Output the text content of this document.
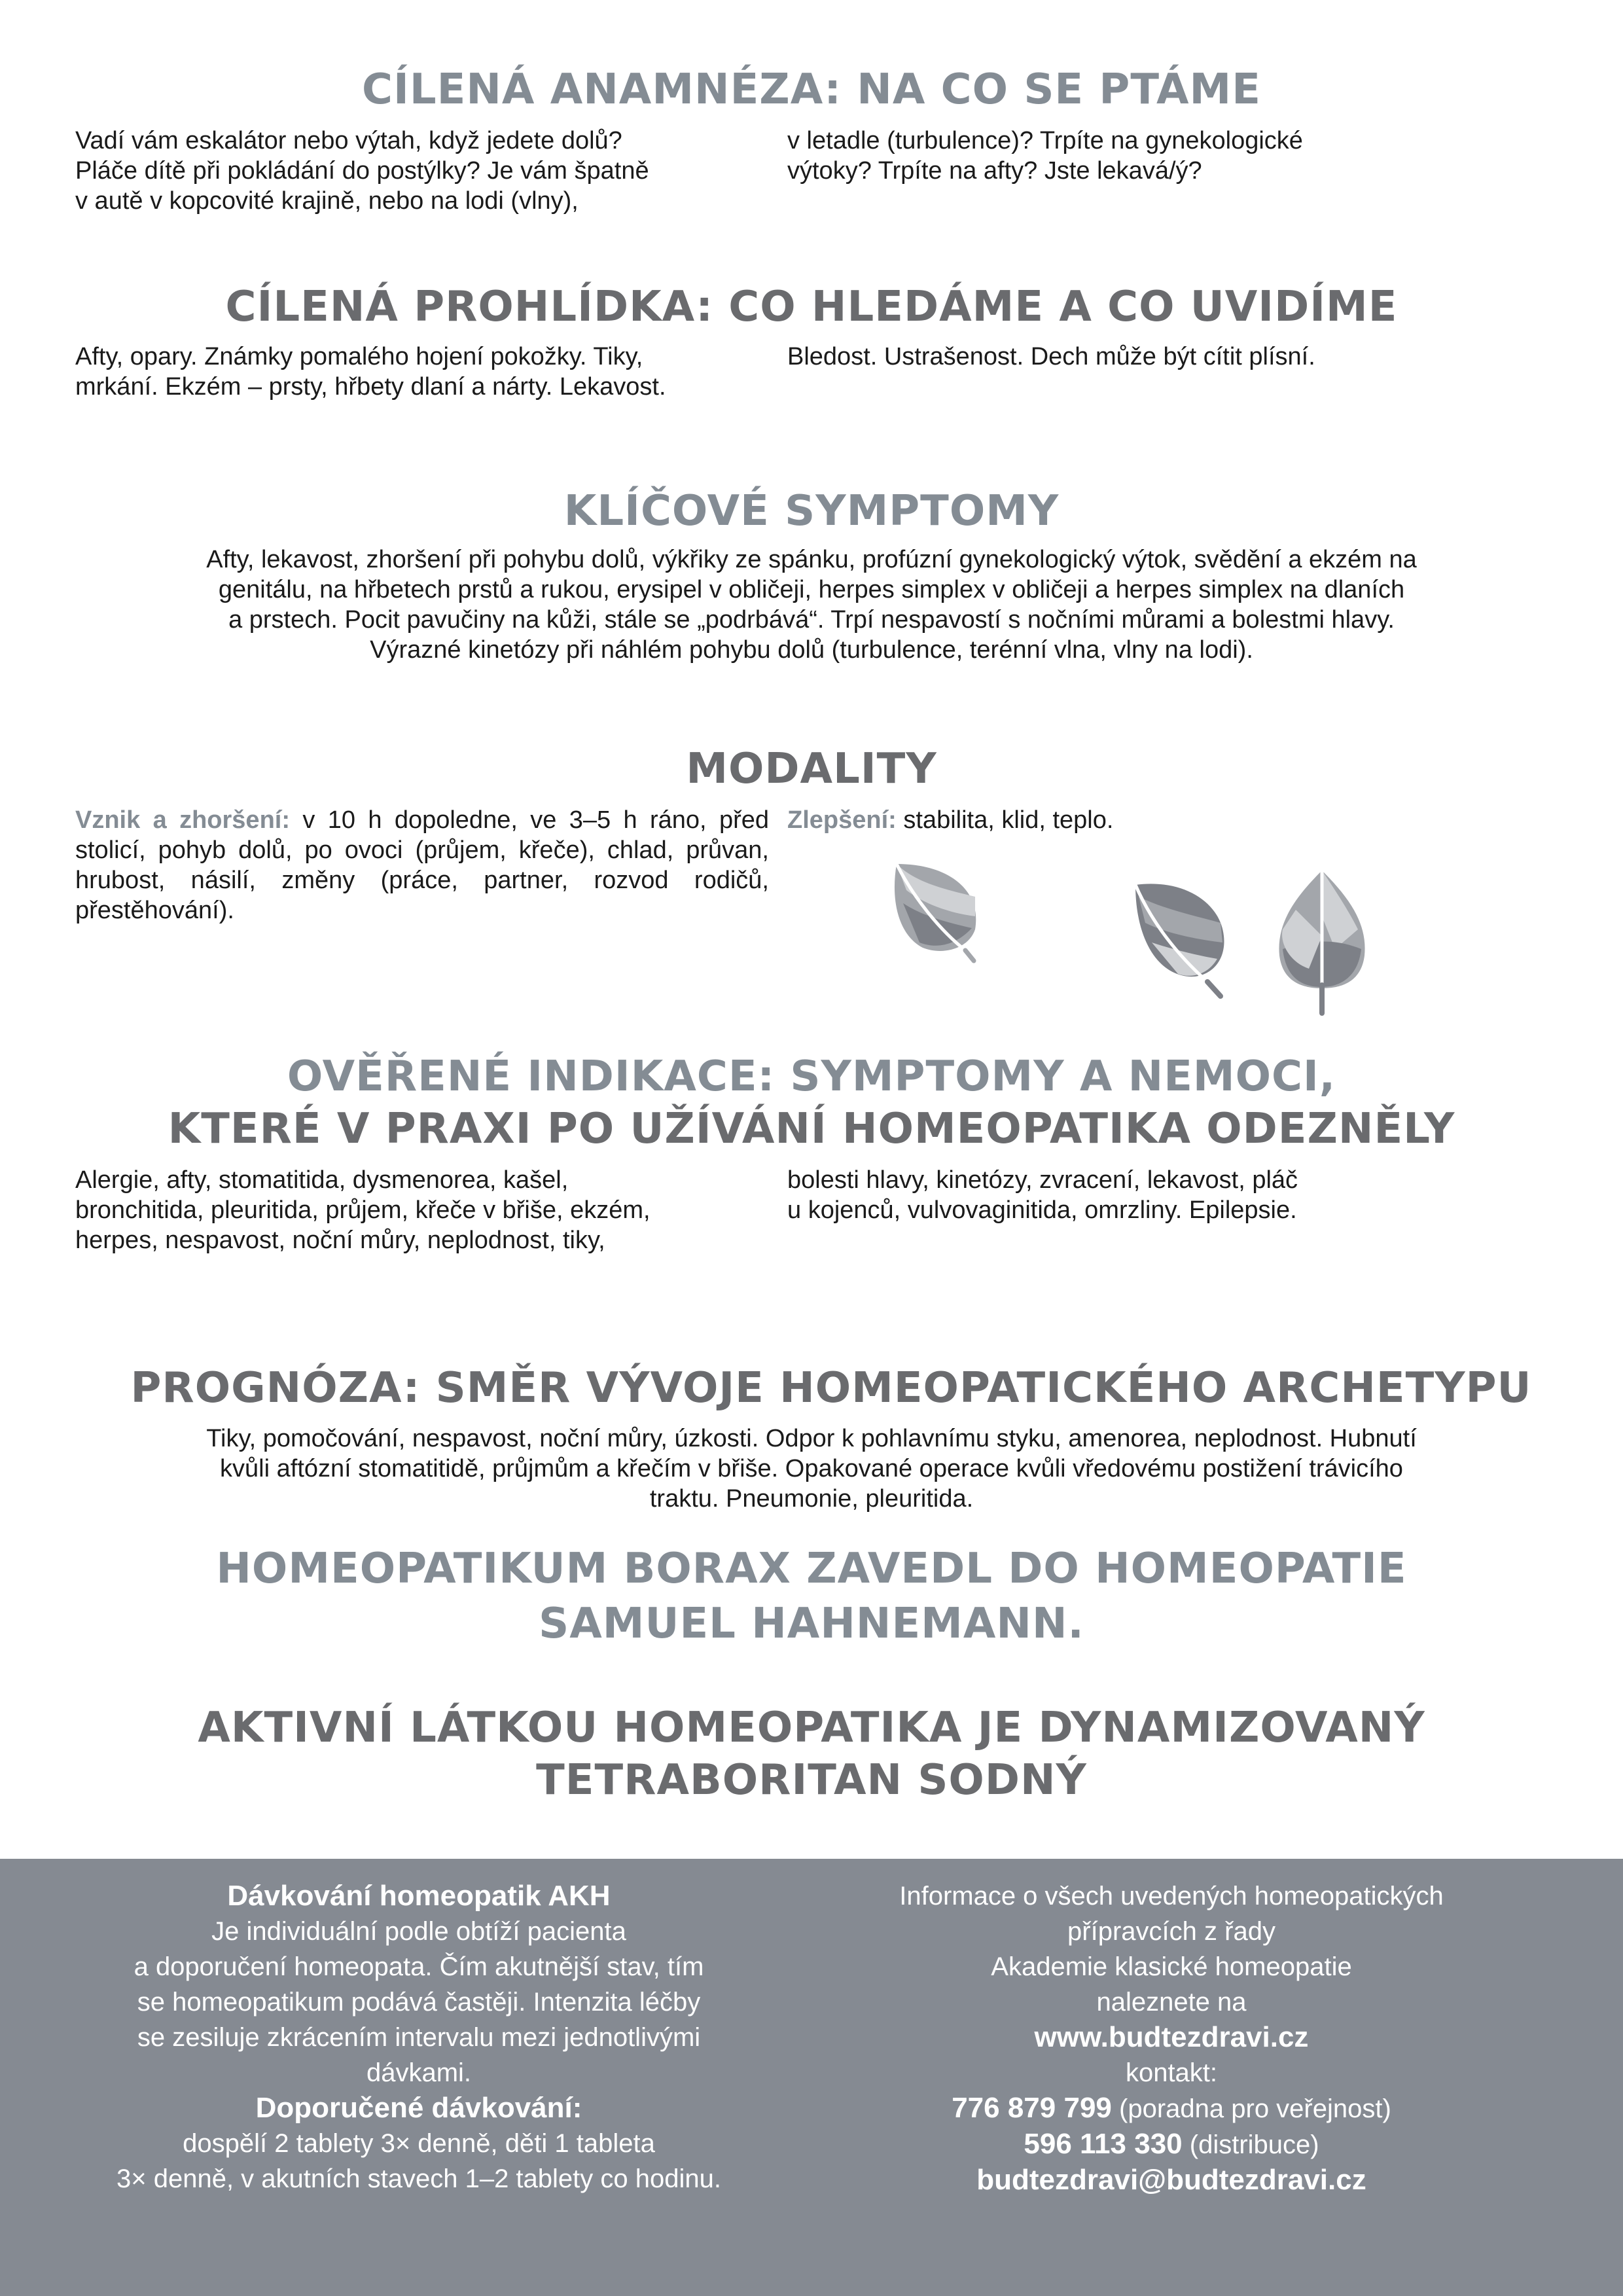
CÍLENÁ ANAMNÉZA: NA CO SE PTÁME
Vadí vám eskalátor nebo výtah, když jedete dolů?
Pláče dítě při pokládání do postýlky? Je vám špatně
v autě v kopcovité krajině, nebo na lodi (vlny),
v letadle (turbulence)? Trpíte na gynekologické
výtoky? Trpíte na afty? Jste lekavá/ý?
CÍLENÁ PROHLÍDKA: CO HLEDÁME A CO UVIDÍME
Afty, opary. Známky pomalého hojení pokožky. Tiky,
mrkání. Ekzém – prsty, hřbety dlaní a nárty. Lekavost.
Bledost. Ustrašenost. Dech může být cítit plísní.
KLÍČOVÉ SYMPTOMY
Afty, lekavost, zhoršení při pohybu dolů, výkřiky ze spánku, profúzní gynekologický výtok, svědění a ekzém na
genitálu, na hřbetech prstů a rukou, erysipel v obličeji, herpes simplex v obličeji a herpes simplex na dlaních
a prstech. Pocit pavučiny na kůži, stále se „podrbává“. Trpí nespavostí s nočními můrami a bolestmi hlavy.
Výrazné kinetózy při náhlém pohybu dolů (turbulence, terénní vlna, vlny na lodi).
MODALITY

Vznik a zhoršení: v 10 h dopoledne, ve 3–5 h ráno, před stolicí, pohyb dolů, po ovoci (průjem, křeče), chlad, průvan, hrubost, násilí, změny (práce, partner, rozvod rodičů, přestěhování).

Zlepšení: stabilita, klid, teplo.

OVĚŘENÉ INDIKACE: SYMPTOMY A NEMOCI,
KTERÉ V PRAXI PO UŽÍVÁNÍ HOMEOPATIKA ODEZNĚLY
Alergie, afty, stomatitida, dysmenorea, kašel,
bronchitida, pleuritida, průjem, křeče v břiše, ekzém,
herpes, nespavost, noční můry, neplodnost, tiky,
bolesti hlavy, kinetózy, zvracení, lekavost, pláč
u kojenců, vulvovaginitida, omrzliny. Epilepsie.
PROGNÓZA: SMĚR VÝVOJE HOMEOPATICKÉHO ARCHETYPU
Tiky, pomočování, nespavost, noční můry, úzkosti. Odpor k pohlavnímu styku, amenorea, neplodnost. Hubnutí
kvůli aftózní stomatitidě, průjmům a křečím v břiše. Opakované operace kvůli vředovému postižení trávicího
traktu. Pneumonie, pleuritida.
HOMEOPATIKUM BORAX ZAVEDL DO HOMEOPATIE
SAMUEL HAHNEMANN.
AKTIVNÍ LÁTKOU HOMEOPATIKA JE DYNAMIZOVANÝ
TETRABORITAN SODNÝ

Dávkování homeopatik AKH

Je individuální podle obtíží pacienta

a doporučení homeopata. Čím akutnější stav, tím

se homeopatikum podává častěji. Intenzita léčby

se zesiluje zkrácením intervalu mezi jednotlivými

dávkami.

Doporučené dávkování:

dospělí 2 tablety 3× denně, děti 1 tableta

3× denně, v akutních stavech 1–2 tablety co hodinu.

Informace o všech uvedených homeopatických

přípravcích z řady

Akademie klasické homeopatie

naleznete na

www.budtezdravi.cz

kontakt:

776 879 799 (poradna pro veřejnost)

596 113 330 (distribuce)

budtezdravi@budtezdravi.cz
